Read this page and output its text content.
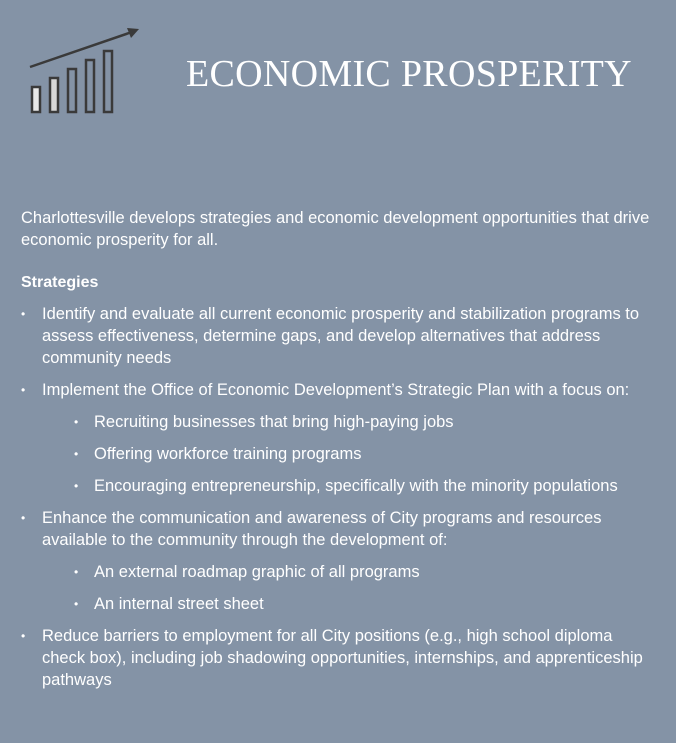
ECONOMIC PROSPERITY

Charlottesville develops strategies and economic development opportunities that drive economic prosperity for all.

Strategies
• Identify and evaluate all current economic prosperity and stabilization programs to assess effectiveness, determine gaps, and develop alternatives that address community needs
• Implement the Office of Economic Development’s Strategic Plan with a focus on:
• Recruiting businesses that bring high-paying jobs
• Offering workforce training programs
• Encouraging entrepreneurship, specifically with the minority populations
• Enhance the communication and awareness of City programs and resources available to the community through the development of:
• An external roadmap graphic of all programs
• An internal street sheet
• Reduce barriers to employment for all City positions (e.g., high school diploma check box), including job shadowing opportunities, internships, and apprenticeship pathways
